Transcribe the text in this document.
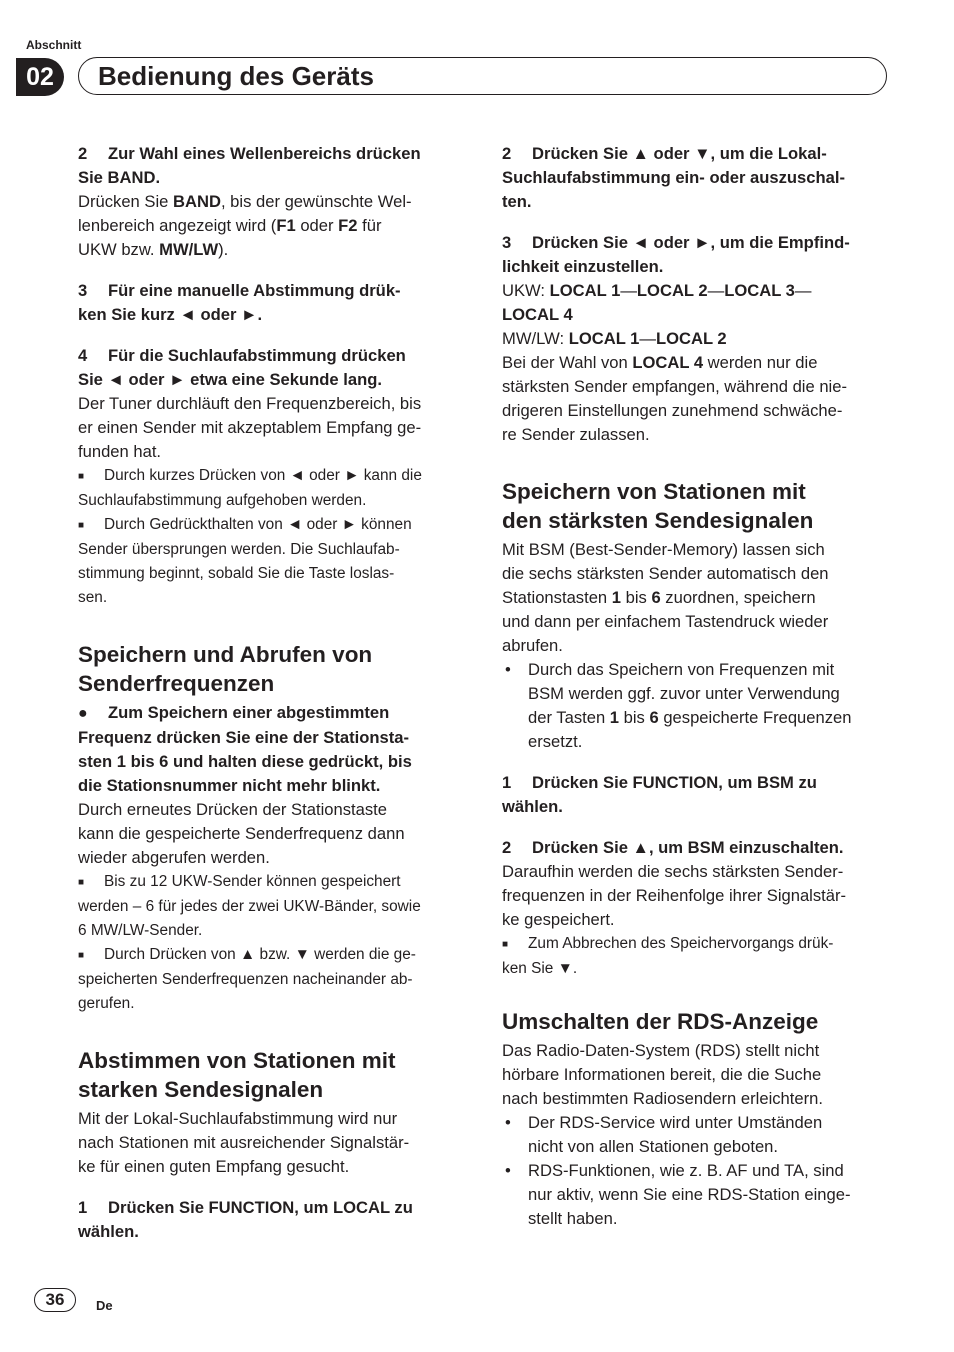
Abschnitt
02	Bedienung des Geräts

2 Zur Wahl eines Wellenbereichs drücken
Sie BAND.

Drücken Sie BAND, bis der gewünschte Wel-
lenbereich angezeigt wird (F1 oder F2 für
UKW bzw. MW/LW).

3 Für eine manuelle Abstimmung drük-
ken Sie kurz ◄ oder ►.

4 Für die Suchlaufabstimmung drücken
Sie ◄ oder ► etwa eine Sekunde lang.

Der Tuner durchläuft den Frequenzbereich, bis
er einen Sender mit akzeptablem Empfang ge-
funden hat.

■ Durch kurzes Drücken von ◄ oder ► kann die
Suchlaufabstimmung aufgehoben werden.

■ Durch Gedrückthalten von ◄ oder ► können
Sender übersprungen werden. Die Suchlaufab-
stimmung beginnt, sobald Sie die Taste loslas-
sen.

Speichern und Abrufen von
Senderfrequenzen

● Zum Speichern einer abgestimmten
Frequenz drücken Sie eine der Stationsta-
sten 1 bis 6 und halten diese gedrückt, bis
die Stationsnummer nicht mehr blinkt.

Durch erneutes Drücken der Stationstaste
kann die gespeicherte Senderfrequenz dann
wieder abgerufen werden.

■ Bis zu 12 UKW-Sender können gespeichert
werden – 6 für jedes der zwei UKW-Bänder, sowie
6 MW/LW-Sender.

■ Durch Drücken von ▲ bzw. ▼ werden die ge-
speicherten Senderfrequenzen nacheinander ab-
gerufen.

Abstimmen von Stationen mit
starken Sendesignalen

Mit der Lokal-Suchlaufabstimmung wird nur
nach Stationen mit ausreichender Signalstär-
ke für einen guten Empfang gesucht.

1 Drücken Sie FUNCTION, um LOCAL zu
wählen.

2 Drücken Sie ▲ oder ▼, um die Lokal-
Suchlaufabstimmung ein- oder auszuschal-
ten.

3 Drücken Sie ◄ oder ►, um die Empfind-
lichkeit einzustellen.

UKW: LOCAL 1—LOCAL 2—LOCAL 3—
LOCAL 4
MW/LW: LOCAL 1—LOCAL 2
Bei der Wahl von LOCAL 4 werden nur die
stärksten Sender empfangen, während die nie-
drigeren Einstellungen zunehmend schwäche-
re Sender zulassen.

Speichern von Stationen mit
den stärksten Sendesignalen

Mit BSM (Best-Sender-Memory) lassen sich
die sechs stärksten Sender automatisch den
Stationstasten 1 bis 6 zuordnen, speichern
und dann per einfachem Tastendruck wieder
abrufen.

• Durch das Speichern von Frequenzen mit
BSM werden ggf. zuvor unter Verwendung
der Tasten 1 bis 6 gespeicherte Frequenzen
ersetzt.

1 Drücken Sie FUNCTION, um BSM zu
wählen.

2 Drücken Sie ▲, um BSM einzuschalten.

Daraufhin werden die sechs stärksten Sender-
frequenzen in der Reihenfolge ihrer Signalstär-
ke gespeichert.

■ Zum Abbrechen des Speichervorgangs drük-
ken Sie ▼.

Umschalten der RDS-Anzeige

Das Radio-Daten-System (RDS) stellt nicht
hörbare Informationen bereit, die die Suche
nach bestimmten Radiosendern erleichtern.

• Der RDS-Service wird unter Umständen
nicht von allen Stationen geboten.

• RDS-Funktionen, wie z. B. AF und TA, sind
nur aktiv, wenn Sie eine RDS-Station einge-
stellt haben.

36	De
